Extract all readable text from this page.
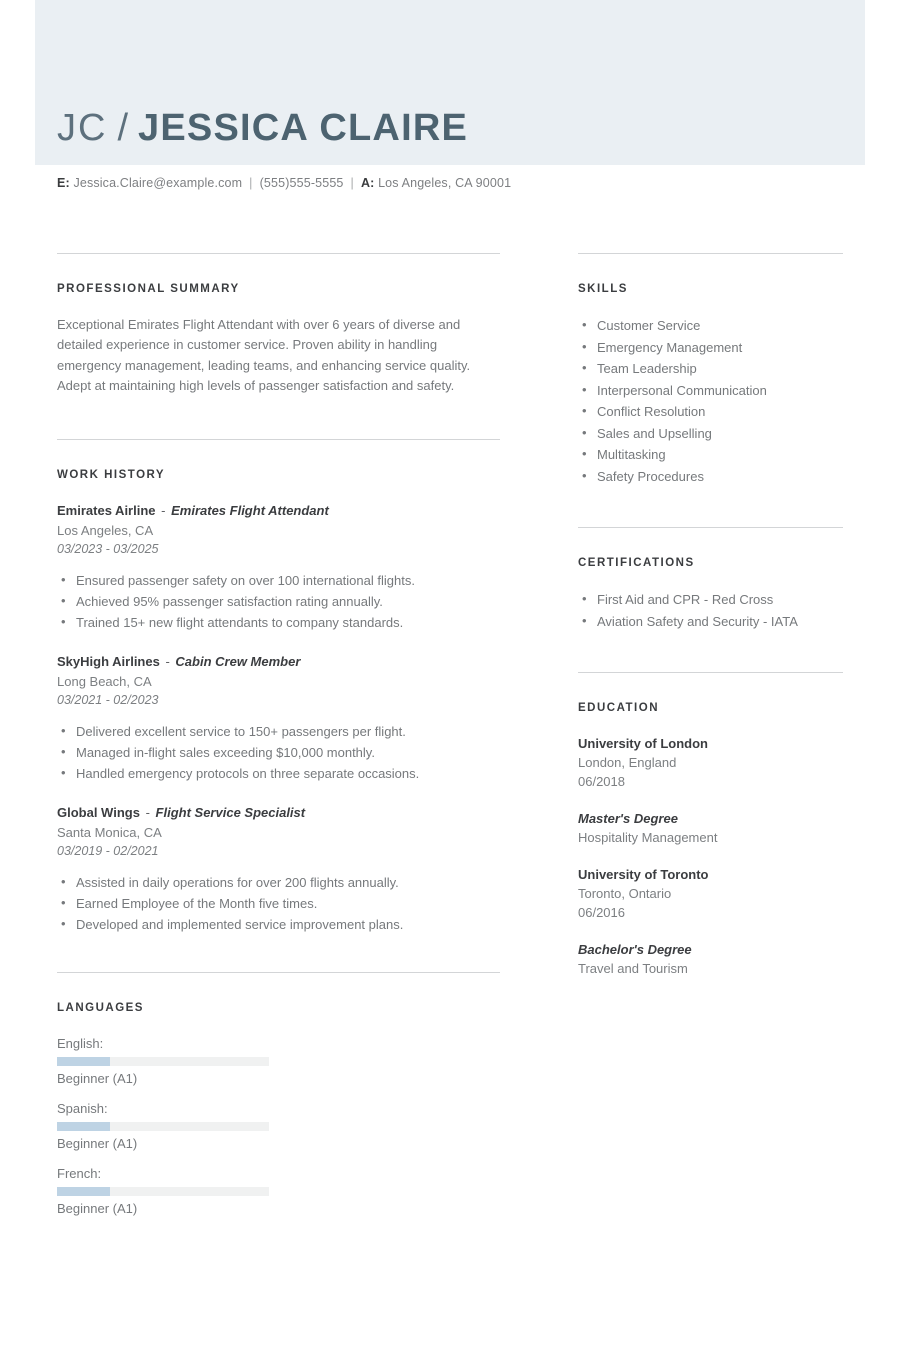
JC / JESSICA CLAIRE
E: Jessica.Claire@example.com | (555)555-5555 | A: Los Angeles, CA 90001
PROFESSIONAL SUMMARY
Exceptional Emirates Flight Attendant with over 6 years of diverse and detailed experience in customer service. Proven ability in handling emergency management, leading teams, and enhancing service quality. Adept at maintaining high levels of passenger satisfaction and safety.
WORK HISTORY
Emirates Airline - Emirates Flight Attendant
Los Angeles, CA
03/2023 - 03/2025
• Ensured passenger safety on over 100 international flights.
• Achieved 95% passenger satisfaction rating annually.
• Trained 15+ new flight attendants to company standards.
SkyHigh Airlines - Cabin Crew Member
Long Beach, CA
03/2021 - 02/2023
• Delivered excellent service to 150+ passengers per flight.
• Managed in-flight sales exceeding $10,000 monthly.
• Handled emergency protocols on three separate occasions.
Global Wings - Flight Service Specialist
Santa Monica, CA
03/2019 - 02/2021
• Assisted in daily operations for over 200 flights annually.
• Earned Employee of the Month five times.
• Developed and implemented service improvement plans.
LANGUAGES
English:
Beginner (A1)
Spanish:
Beginner (A1)
French:
Beginner (A1)
SKILLS
• Customer Service
• Emergency Management
• Team Leadership
• Interpersonal Communication
• Conflict Resolution
• Sales and Upselling
• Multitasking
• Safety Procedures
CERTIFICATIONS
• First Aid and CPR - Red Cross
• Aviation Safety and Security - IATA
EDUCATION
University of London
London, England
06/2018
Master's Degree
Hospitality Management
University of Toronto
Toronto, Ontario
06/2016
Bachelor's Degree
Travel and Tourism
